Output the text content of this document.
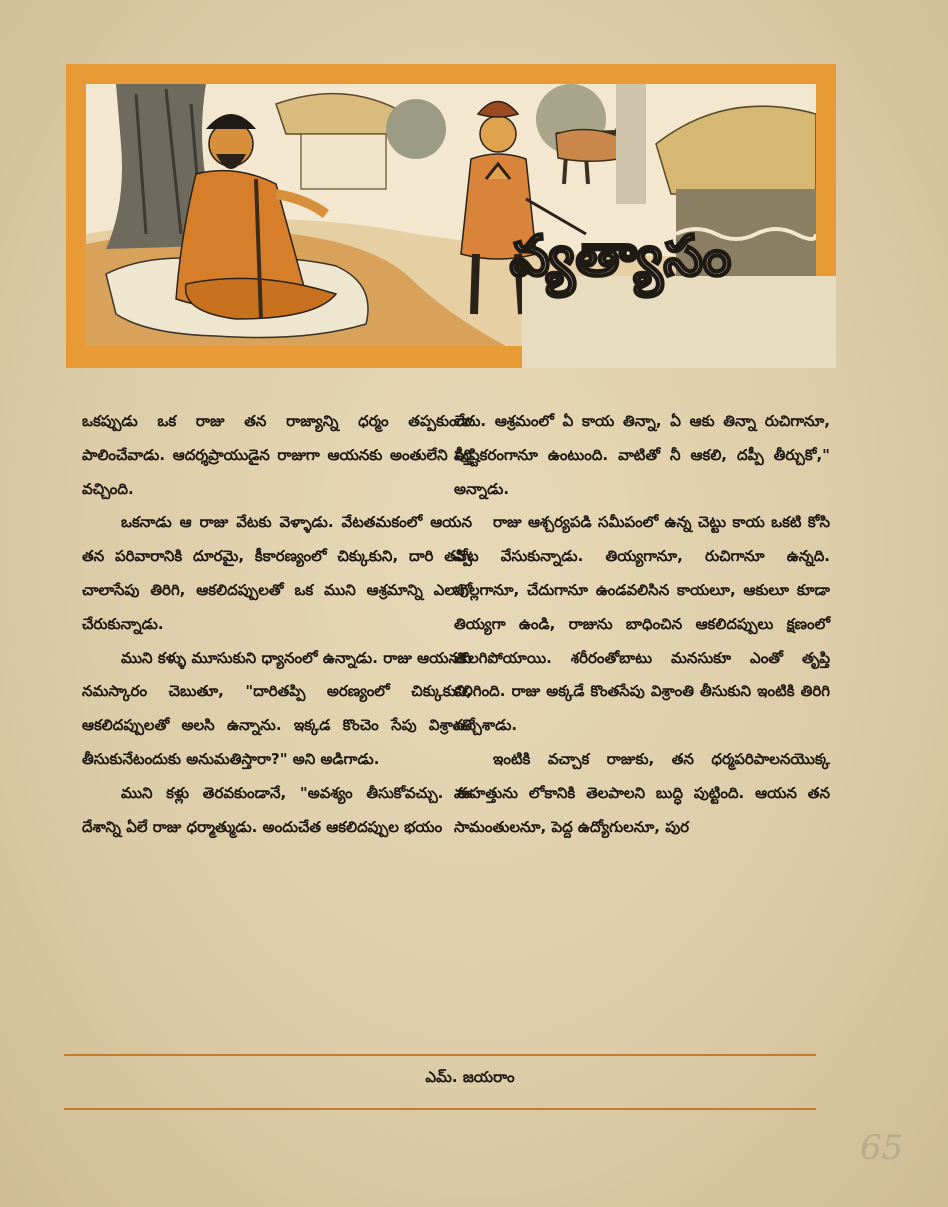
వ్యత్యాసం

ఒకప్పుడు ఒక రాజు తన రాజ్యాన్ని ధర్మం తప్పకుండా పాలించేవాడు. ఆదర్శప్రాయుడైన రాజుగా ఆయనకు అంతులేని కీర్తి వచ్చింది.

ఒకనాడు ఆ రాజు వేటకు వెళ్ళాడు. వేటతమకంలో ఆయన తన పరివారానికి దూరమై, కీకారణ్యంలో చిక్కుకుని, దారి తప్పి చాలాసేపు తిరిగి, ఆకలిదప్పులతో ఒక ముని ఆశ్రమాన్ని ఎలాగో చేరుకున్నాడు.

ముని కళ్ళు మూసుకుని ధ్యానంలో ఉన్నాడు. రాజు ఆయనకు నమస్కారం చెబుతూ, "దారితప్పి అరణ్యంలో చిక్కుకుని, ఆకలిదప్పులతో అలసి ఉన్నాను. ఇక్కడ కొంచెం సేపు విశ్రాంతి తీసుకునేటందుకు అనుమతిస్తారా?" అని అడిగాడు.

ముని కళ్లు తెరవకుండానే, "అవశ్యం తీసుకోవచ్చు. ఈ దేశాన్ని ఏలే రాజు ధర్మాత్ముడు. అందుచేత ఆకలిదప్పుల భయం

లేదు. ఆశ్రమంలో ఏ కాయ తిన్నా, ఏ ఆకు తిన్నా రుచిగానూ, పుష్టికరంగానూ ఉంటుంది. వాటితో నీ ఆకలి, దప్పీ తీర్చుకో," అన్నాడు.

రాజు ఆశ్చర్యపడి సమీపంలో ఉన్న చెట్టు కాయ ఒకటి కోసి నోట వేసుకున్నాడు. తియ్యగానూ, రుచిగానూ ఉన్నది. పుల్లగానూ, చేదుగానూ ఉండవలిసిన కాయలూ, ఆకులూ కూడా తియ్యగా ఉండి, రాజును బాధించిన ఆకలిదప్పులు క్షణంలో తొలగిపోయాయి. శరీరంతోబాటు మనసుకూ ఎంతో తృప్తి కలిగింది. రాజు అక్కడే కొంతసేపు విశ్రాంతి తీసుకుని ఇంటికి తిరిగి వచ్చేశాడు.

ఇంటికి వచ్చాక రాజుకు, తన ధర్మపరిపాలనయొక్క మహత్తును లోకానికి తెలపాలని బుద్ధి పుట్టింది. ఆయన తన సామంతులనూ, పెద్ద ఉద్యోగులనూ, పుర

ఎమ్. జయరాం
65
